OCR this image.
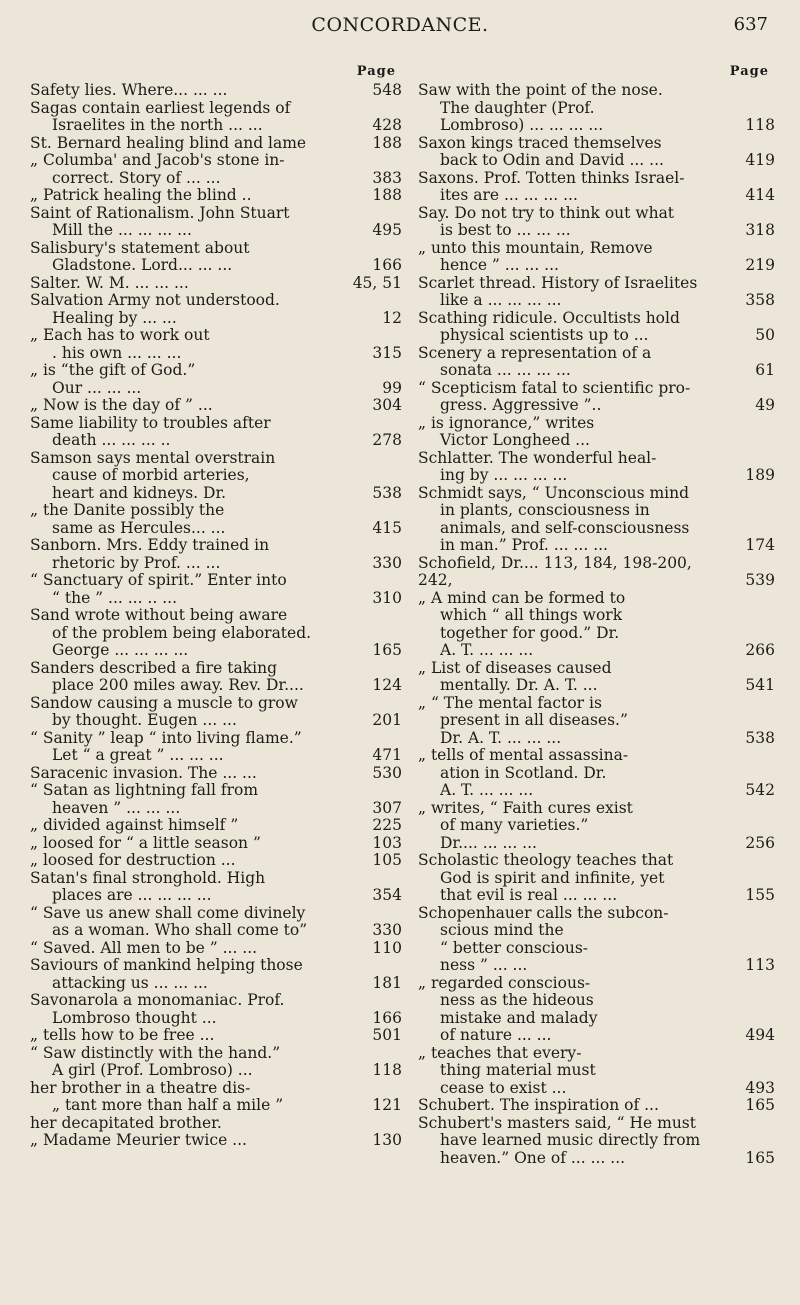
CONCORDANCE.	637
Page
Safety lies. Where... ... ...	548
Sagas contain earliest legends of
Israelites in the north ... ...	428
St. Bernard healing blind and lame	188
„ Columba' and Jacob's stone in-
correct. Story of ... ...	383
„ Patrick healing the blind ..	188
Saint of Rationalism. John Stuart
Mill the ... ... ... ...	495
Salisbury's statement about
Gladstone. Lord... ... ...	166
Salter. W. M. ... ... ...	45, 51
Salvation Army not understood.
Healing by ... ...	12
„ Each has to work out
. his own ... ... ...	315
„ is “the gift of God.”
Our ... ... ...	99
„ Now is the day of ” ...	304
Same liability to troubles after
death ... ... ... ..	278
Samson says mental overstrain
cause of morbid arteries,
heart and kidneys. Dr.	538
„ the Danite possibly the
same as Hercules... ...	415
Sanborn. Mrs. Eddy trained in
rhetoric by Prof. ... ...	330
“ Sanctuary of spirit.” Enter into
“ the ” ... ... .. ...	310
Sand wrote without being aware
of the problem being elaborated.
George ... ... ... ...	165
Sanders described a fire taking
place 200 miles away. Rev. Dr....	124
Sandow causing a muscle to grow
by thought. Eugen ... ...	201
“ Sanity ” leap “ into living flame.”
Let “ a great ” ... ... ...	471
Saracenic invasion. The ... ...	530
“ Satan as lightning fall from
heaven ” ... ... ...	307
„ divided against himself ”	225
„ loosed for “ a little season ”	103
„ loosed for destruction ...	105
Satan's final stronghold. High
places are ... ... ... ...	354
“ Save us anew shall come divinely
as a woman. Who shall come to”	330
“ Saved. All men to be ” ... ...	110
Saviours of mankind helping those
attacking us ... ... ...	181
Savonarola a monomaniac. Prof.
Lombroso thought ...	166
„ tells how to be free ...	501
“ Saw distinctly with the hand.”
A girl (Prof. Lombroso) ...	118
her brother in a theatre dis-
„ tant more than half a mile ”	121
her decapitated brother.
„ Madame Meurier twice ...	130
Page
Saw with the point of the nose.
The daughter (Prof.
Lombroso) ... ... ... ...	118
Saxon kings traced themselves
back to Odin and David ... ...	419
Saxons. Prof. Totten thinks Israel-
ites are ... ... ... ...	414
Say. Do not try to think out what
is best to ... ... ...	318
„ unto this mountain, Remove
hence ” ... ... ...	219
Scarlet thread. History of Israelites
like a ... ... ... ...	358
Scathing ridicule. Occultists hold
physical scientists up to ...	50
Scenery a representation of a
sonata ... ... ... ...	61
“ Scepticism fatal to scientific pro-
gress. Aggressive ”..	49
„ is ignorance,” writes
Victor Longheed ...
Schlatter. The wonderful heal-
ing by ... ... ... ...	189
Schmidt says, “ Unconscious mind
in plants, consciousness in
animals, and self-consciousness
in man.” Prof. ... ... ...	174
Schofield, Dr.... 113, 184, 198-200, 242,	539
„ A mind can be formed to
which “ all things work
together for good.” Dr.
A. T. ... ... ...	266
„ List of diseases caused
mentally. Dr. A. T. ...	541
„ “ The mental factor is
present in all diseases.”
Dr. A. T. ... ... ...	538
„ tells of mental assassina-
ation in Scotland. Dr.
A. T. ... ... ...	542
„ writes, “ Faith cures exist
of many varieties.”
Dr.... ... ... ...	256
Scholastic theology teaches that
God is spirit and infinite, yet
that evil is real ... ... ...	155
Schopenhauer calls the subcon-
scious mind the
“ better conscious-
ness ” ... ...	113
„ regarded conscious-
ness as the hideous
mistake and malady
of nature ... ...	494
„ teaches that every-
thing material must
cease to exist ...	493
Schubert. The inspiration of ...	165
Schubert's masters said, “ He must
have learned music directly from
heaven.” One of ... ... ...	165
